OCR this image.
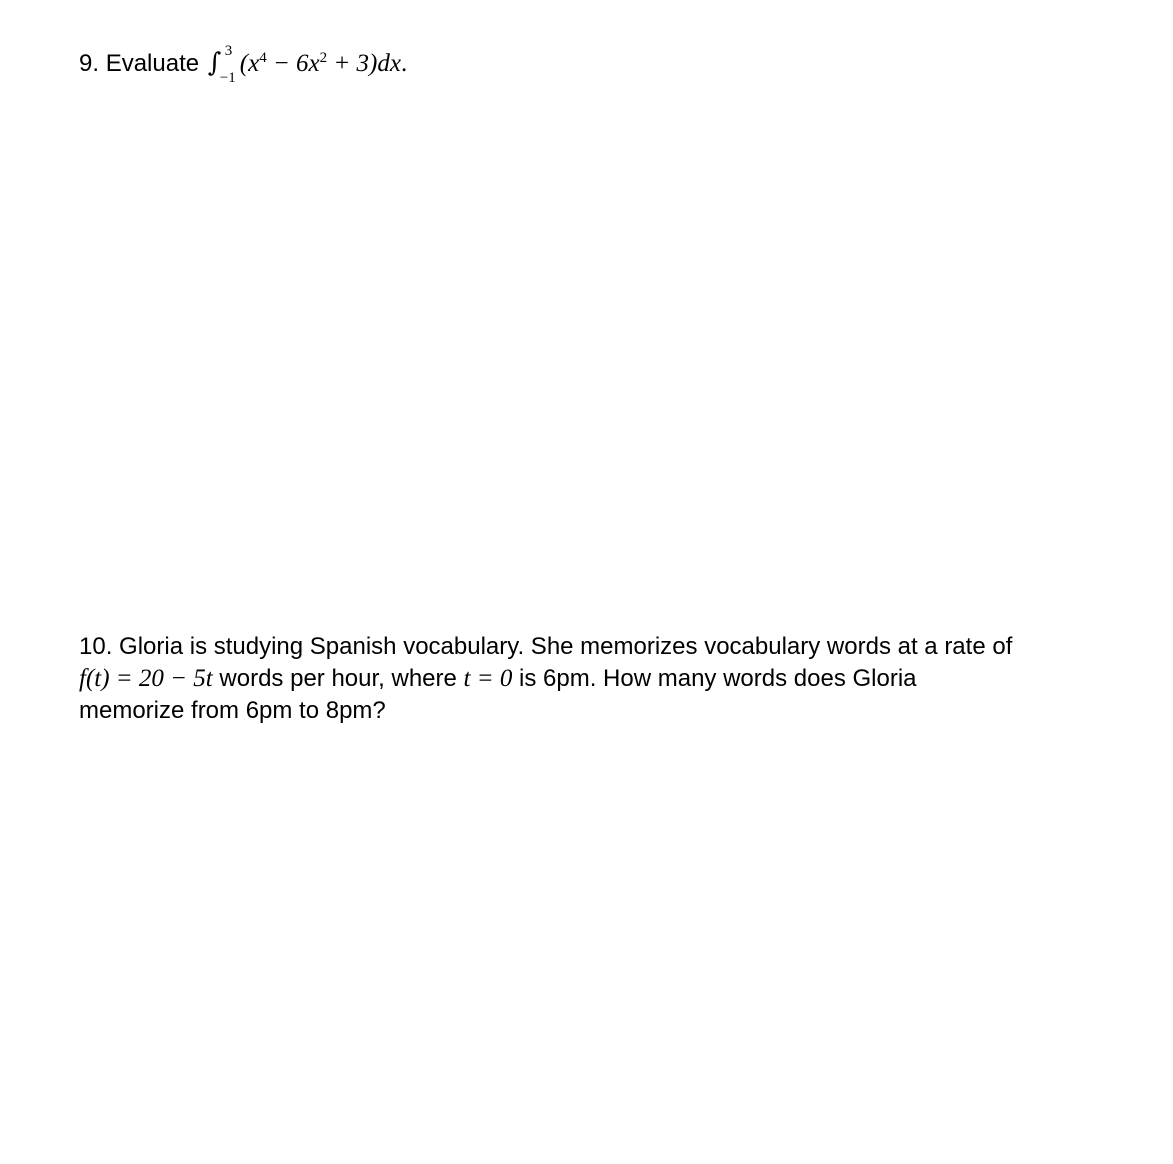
9. Evaluate ∫ 3
−1
$(x^4 - 6x^2 + 3)dx$.
10. Gloria is studying Spanish vocabulary. She memorizes vocabulary words at a rate of
f(t) = 20 − 5t words per hour, where t = 0 is 6pm. How many words does Gloria
memorize from 6pm to 8pm?
